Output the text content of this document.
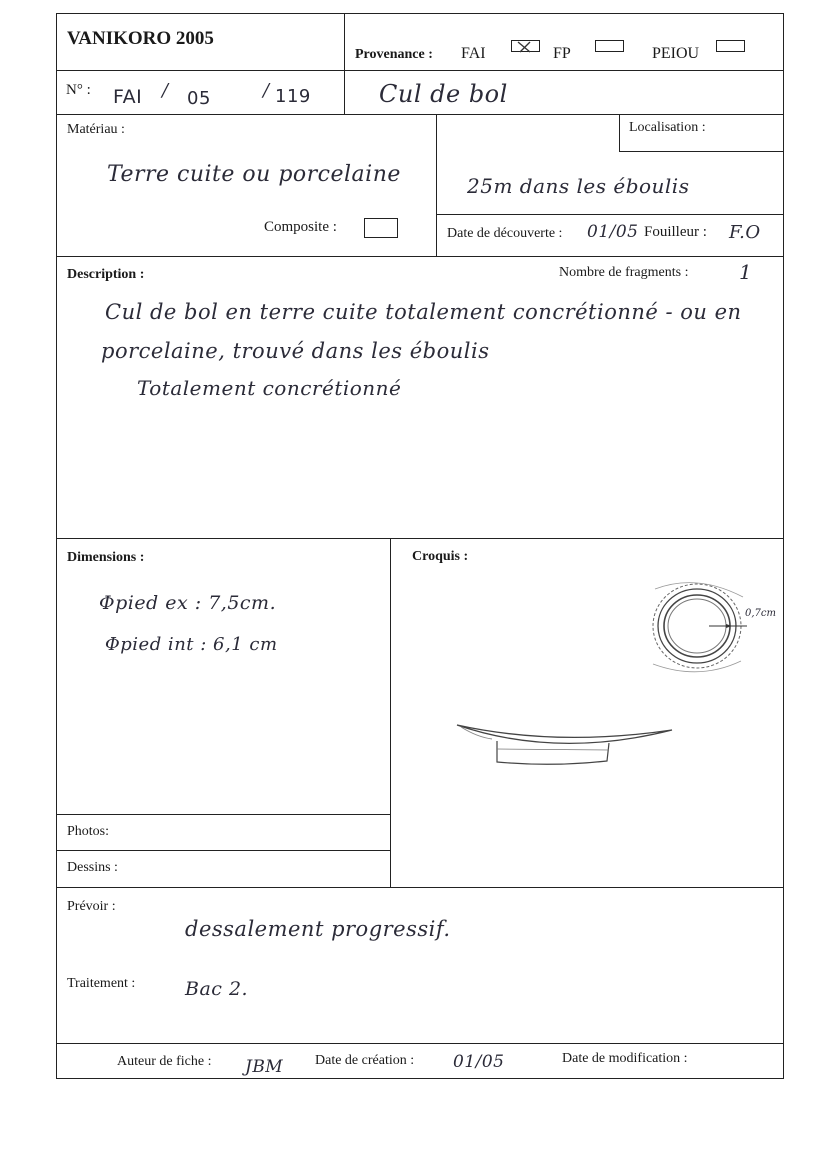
VANIKORO 2005
Provenance : FAI	FP	PEIOU
N° : FAI / 05	/ 119	Cul de bol
Matériau :
Terre cuite ou porcelaine
Composite :
Localisation :
25m dans les éboulis
Date de découverte : 01/05 Fouilleur : F.O
Description :	Nombre de fragments :	1
Cul de bol en terre cuite totalement concrétionné - ou en
porcelaine, trouvé dans les éboulis
Totalement concrétionné
Dimensions :
Φpied ex : 7,5cm.
Φpied int : 6,1 cm
Croquis :
0,7cm
Photos:
Dessins :
Prévoir :
dessalement progressif.
Traitement :	Bac 2.
Auteur de fiche : JBM Date de création : 01/05	Date de modification :
